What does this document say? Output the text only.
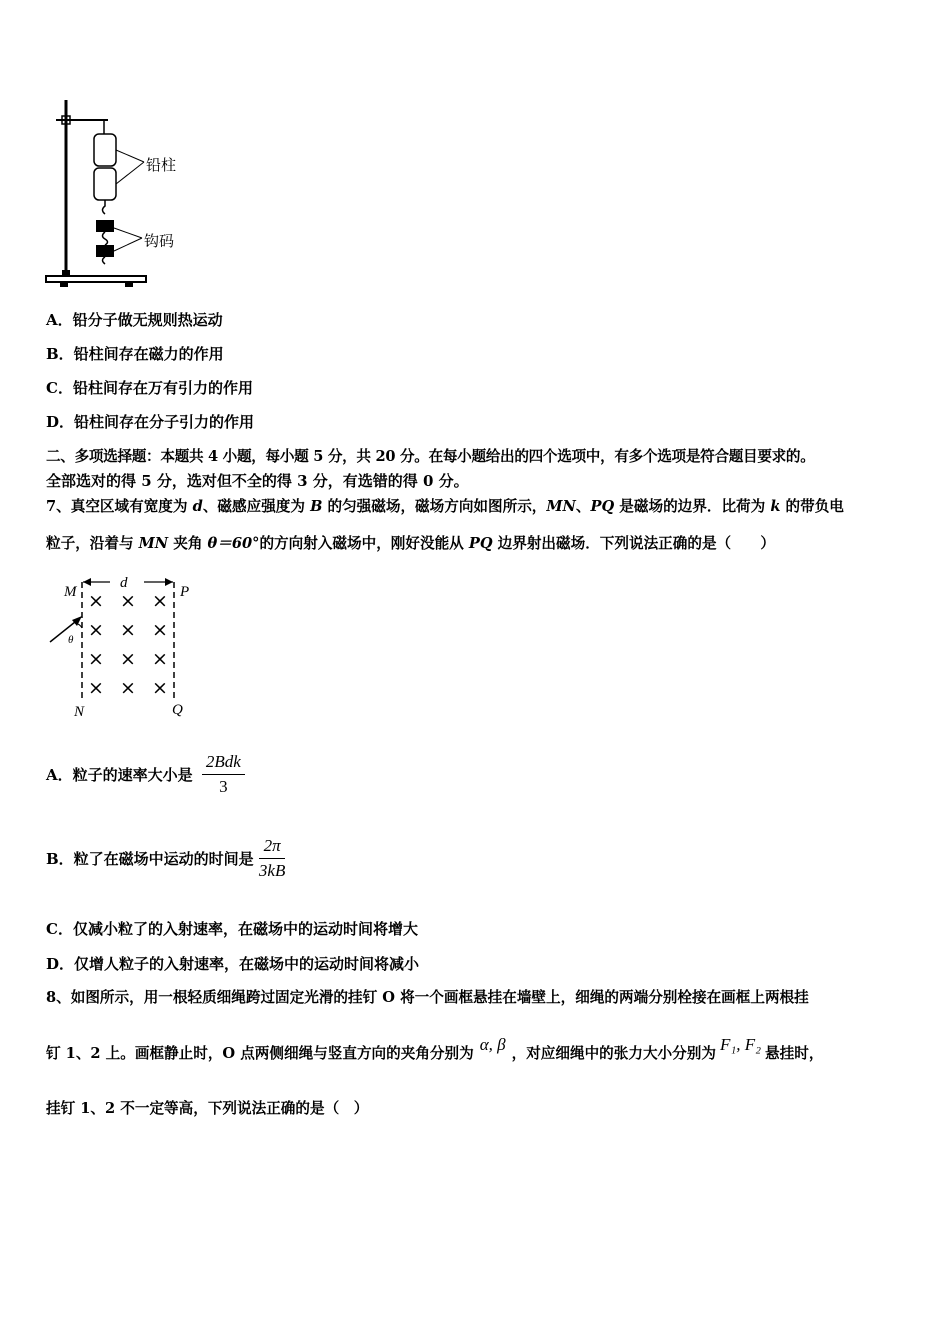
铅柱
钩码
A．铅分子做无规则热运动
B．铅柱间存在磁力的作用
C．铅柱间存在万有引力的作用
D．铅柱间存在分子引力的作用
二、多项选择题：本题共 4 小题，每小题 5 分，共 20 分。在每小题给出的四个选项中，有多个选项是符合题目要求的。
全部选对的得 5 分，选对但不全的得 3 分，有选错的得 0 分。
7、真空区域有宽度为 d、磁感应强度为 B 的匀强磁场，磁场方向如图所示，MN、PQ 是磁场的边界．比荷为 k 的带负电
粒子，沿着与 MN 夹角 θ＝60°的方向射入磁场中，刚好没能从 PQ 边界射出磁场．下列说法正确的是（　　）
d
M	P
N	Q
θ
× × ×
× × ×
× × ×
× × ×
A．粒子的速率大小是 $\frac{\text{2Bdk}}{3}$
B．粒了在磁场中运动的时间是 $\frac{2\pi}{3kB}$
C．仅减小粒了的入射速率，在磁场中的运动时间将增大
D．仅增人粒子的入射速率，在磁场中的运动时间将减小
8、如图所示，用一根轻质细绳跨过固定光滑的挂钉 O 将一个画框悬挂在墙壁上，细绳的两端分别栓接在画框上两根挂
钉 1、2 上。画框静止时，O 点两侧细绳与竖直方向的夹角分别为 α, β ，对应细绳中的张力大小分别为 F₁, F₂ 悬挂时，
挂钉 1、2 不一定等高，下列说法正确的是（　）
